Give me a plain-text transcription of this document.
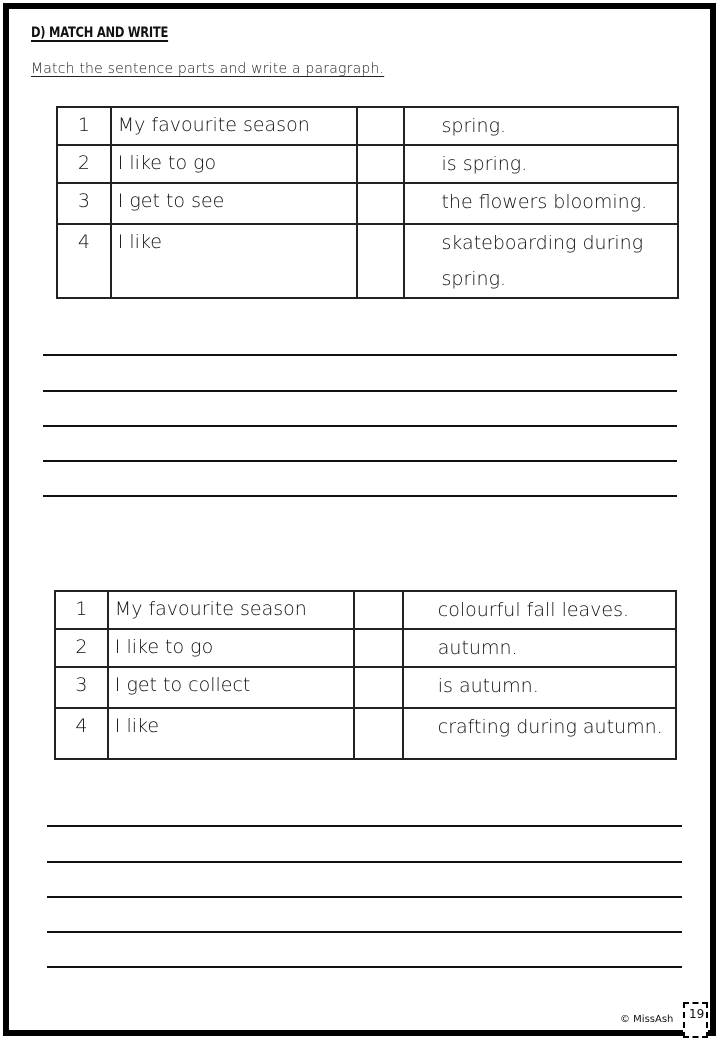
D) MATCH AND WRITE
Match the sentence parts and write a paragraph.
1	My favourite season		spring.

2	I like to go		is spring.

3	I get to see		the flowers blooming.

4	I like		skateboarding during spring.
1	My favourite season		colourful fall leaves.

2	I like to go		autumn.

3	I get to collect		is autumn.

4	I like		crafting during autumn.
© MissAsh 19
